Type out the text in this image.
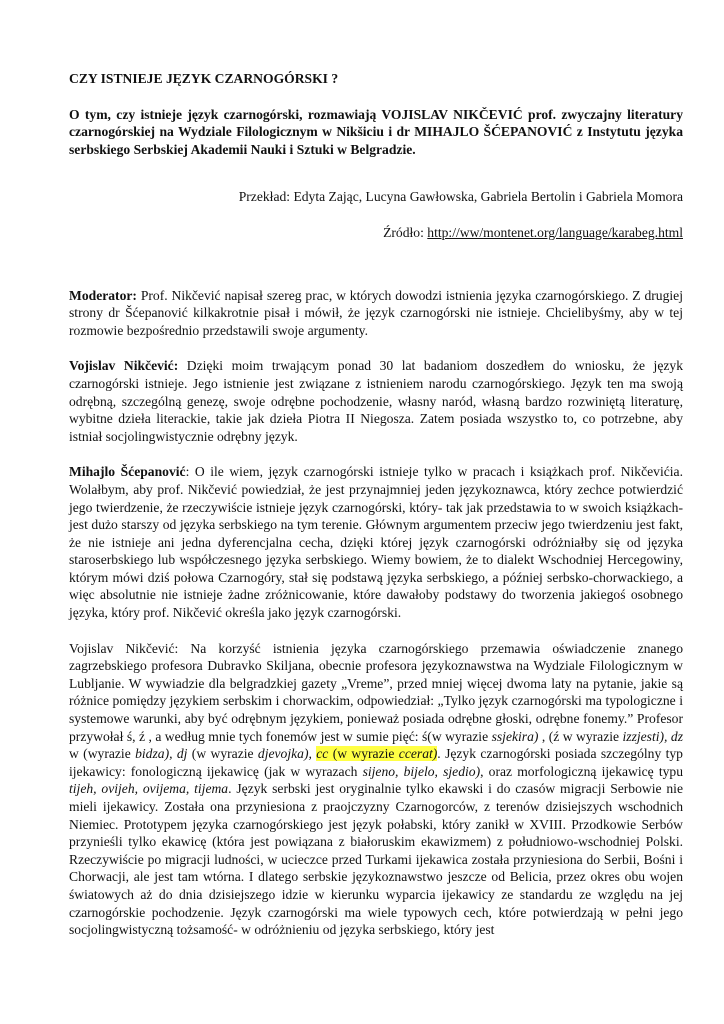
CZY ISTNIEJE JĘZYK CZARNOGÓRSKI ?

O tym, czy istnieje język czarnogórski, rozmawiają VOJISLAV NIKČEVIĆ prof. zwyczajny literatury czarnogórskiej na Wydziale Filologicznym w Nikšiciu i dr MIHAJLO ŠĆEPANOVIĆ z Instytutu języka serbskiego Serbskiej Akademii Nauki i Sztuki w Belgradzie.

Przekład: Edyta Zając, Lucyna Gawłowska, Gabriela Bertolin i Gabriela Momora

Źródło: http://ww/montenet.org/language/karabeg.html

Moderator: Prof. Nikčević napisał szereg prac, w których dowodzi istnienia języka czarnogórskiego. Z drugiej strony dr Šćepanović kilkakrotnie pisał i mówił, że język czarnogórski nie istnieje. Chcielibyśmy, aby w tej rozmowie bezpośrednio przedstawili swoje argumenty.

Vojislav Nikčević: Dzięki moim trwającym ponad 30 lat badaniom doszedłem do wniosku, że język czarnogórski istnieje. Jego istnienie jest związane z istnieniem narodu czarnogórskiego. Język ten ma swoją odrębną, szczególną genezę, swoje odrębne pochodzenie, własny naród, własną bardzo rozwiniętą literaturę, wybitne dzieła literackie, takie jak dzieła Piotra II Niegosza. Zatem posiada wszystko to, co potrzebne, aby istniał socjolingwistycznie odrębny język.

Mihajlo Šćepanović: O ile wiem, język czarnogórski istnieje tylko w pracach i książkach prof. Nikčevićia. Wolałbym, aby prof. Nikčević powiedział, że jest przynajmniej jeden językoznawca, który zechce potwierdzić jego twierdzenie, że rzeczywiście istnieje język czarnogórski, który- tak jak przedstawia to w swoich książkach- jest dużo starszy od języka serbskiego na tym terenie. Głównym argumentem przeciw jego twierdzeniu jest fakt, że nie istnieje ani jedna dyferencjalna cecha, dzięki której język czarnogórski odróżniałby się od języka staroserbskiego lub współczesnego języka serbskiego. Wiemy bowiem, że to dialekt Wschodniej Hercegowiny, którym mówi dziś połowa Czarnogóry, stał się podstawą języka serbskiego, a później serbsko-chorwackiego, a więc absolutnie nie istnieje żadne zróżnicowanie, które dawałoby podstawy do tworzenia jakiegoś osobnego języka, który prof. Nikčević określa jako język czarnogórski.

Vojislav Nikčević: Na korzyść istnienia języka czarnogórskiego przemawia oświadczenie znanego zagrzebskiego profesora Dubravko Skiljana, obecnie profesora językoznawstwa na Wydziale Filologicznym w Lubljanie. W wywiadzie dla belgradzkiej gazety „Vreme”, przed mniej więcej dwoma laty na pytanie, jakie są różnice pomiędzy językiem serbskim i chorwackim, odpowiedział: „Tylko język czarnogórski ma typologiczne i systemowe warunki, aby być odrębnym językiem, ponieważ posiada odrębne głoski, odrębne fonemy.” Profesor przywołał ś, ź , a według mnie tych fonemów jest w sumie pięć: ś(w wyrazie ssjekira) , (ź w wyrazie izzjesti), dz w (wyrazie bidza), dj (w wyrazie djevojka), cc (w wyrazie ccerat). Język czarnogórski posiada szczególny typ ijekawicy: fonologiczną ijekawicę (jak w wyrazach sijeno, bijelo, sjedio), oraz morfologiczną ijekawicę typu tijeh, ovijeh, ovijema, tijema. Język serbski jest oryginalnie tylko ekawski i do czasów migracji Serbowie nie mieli ijekawicy. Została ona przyniesiona z praojczyzny Czarnogorców, z terenów dzisiejszych wschodnich Niemiec. Prototypem języka czarnogórskiego jest język połabski, który zanikł w XVIII. Przodkowie Serbów przynieśli tylko ekawicę (która jest powiązana z białoruskim ekawizmem) z południowo-wschodniej Polski. Rzeczywiście po migracji ludności, w ucieczce przed Turkami ijekawica została przyniesiona do Serbii, Bośni i Chorwacji, ale jest tam wtórna. I dlatego serbskie językoznawstwo jeszcze od Belicia, przez okres obu wojen światowych aż do dnia dzisiejszego idzie w kierunku wyparcia ijekawicy ze standardu ze względu na jej czarnogórskie pochodzenie. Język czarnogórski ma wiele typowych cech, które potwierdzają w pełni jego socjolingwistyczną tożsamość- w odróżnieniu od języka serbskiego, który jest
